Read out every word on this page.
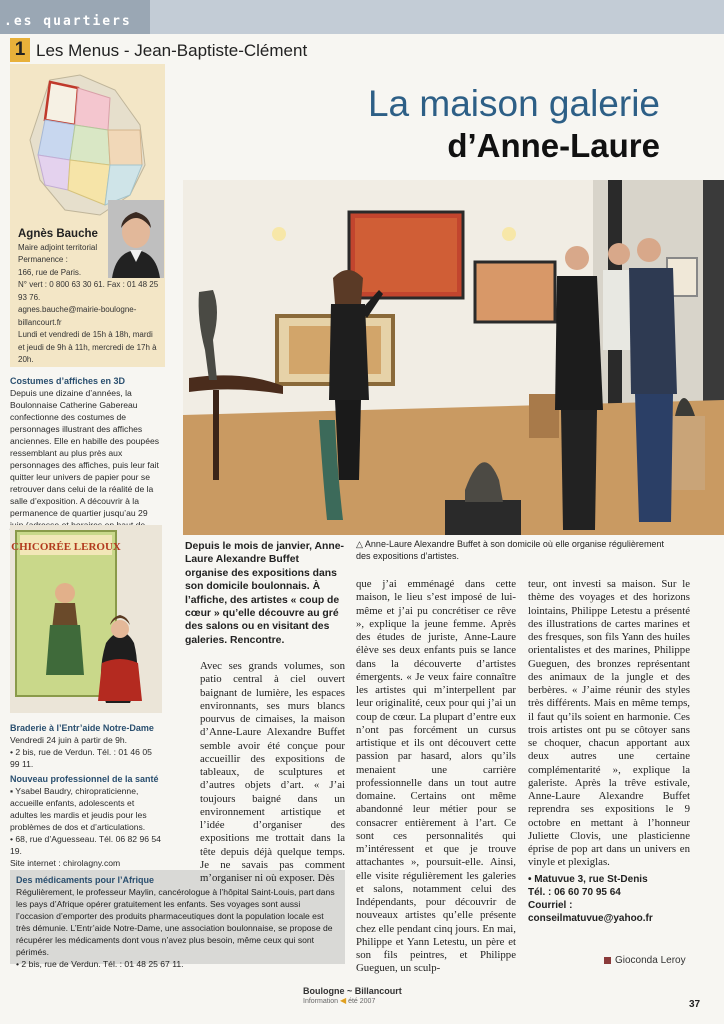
.es quartiers
1 Les Menus - Jean-Baptiste-Clément
Agnès Bauche
Maire adjoint territorial
Permanence :
166, rue de Paris.
N° vert : 0 800 63 30 61. Fax : 01 48 25 93 76.
agnes.bauche@mairie-boulogne-billancourt.fr
Lundi et vendredi de 15h à 18h, mardi
et jeudi de 9h à 11h, mercredi de 17h à 20h.
Costumes d’affiches en 3D
Depuis une dizaine d’années, la Boulonnaise Catherine Gabereau confectionne des costumes de personnages illustrant des affiches anciennes. Elle en habille des poupées ressemblant au plus près aux personnages des affiches, puis leur fait quitter leur univers de papier pour se retrouver dans celui de la réalité de la salle d’exposition. A découvrir à la permanence de quartier jusqu’au 29
CHICORÉE LEROUX
Braderie à l’Entr’aide Notre-Dame
Vendredi 24 juin à partir de 9h.
• 2 bis, rue de Verdun. Tél. : 01 46 05 99 11.
Nouveau professionnel de la santé
▪ Ysabel Baudry, chiropraticienne, accueille enfants, adolescents et adultes les mardis et jeudis pour les problèmes de dos et d’articulations.
• 68, rue d’Aguesseau. Tél. 06 82 96 54 19.
Site internet : chirolagny.com
Des médicaments pour l’Afrique
Régulièrement, le professeur Maylin, cancérologue à l’hôpital Saint-Louis, part dans les pays d’Afrique opérer gratuitement les enfants. Ses voyages sont aussi l’occasion d’emporter des produits pharmaceutiques dont la population locale est très démunie. L’Entr’aide Notre-Dame, une association boulonnaise, se propose de récupérer les médicaments dont vous n’avez plus besoin, même ceux qui sont périmés.
• 2 bis, rue de Verdun. Tél. : 01 48 25 67 11.
La maison galerie
d’Anne-Laure
△ Anne-Laure Alexandre Buffet à son domicile où elle organise régulièrement des expositions d’artistes.
Depuis le mois de janvier, Anne-Laure Alexandre Buffet organise des expositions dans son domicile boulonnais. À l’affiche, des artistes « coup de cœur » qu’elle découvre au gré des salons ou en visitant des galeries. Rencontre.
Avec ses grands volumes, son patio central à ciel ouvert baignant de lumière, les espaces environnants, ses murs blancs pourvus de cimaises, la maison d’Anne-Laure Alexandre Buffet semble avoir été conçue pour accueillir des expositions de tableaux, de sculptures et d’autres objets d’art. « J’ai toujours baigné dans un environnement artistique et l’idée d’organiser des expositions me trottait dans la tête depuis déjà quelque temps. Je ne savais pas comment m’organiser ni où exposer. Dès
que j’ai emménagé dans cette maison, le lieu s’est imposé de lui-même et j’ai pu concrétiser ce rêve », explique la jeune femme. Après des études de juriste, Anne-Laure élève ses deux enfants puis se lance dans la découverte d’artistes émergents. « Je veux faire connaître les artistes qui m’interpellent par leur originalité, ceux pour qui j’ai un coup de cœur. La plupart d’entre eux n’ont pas forcément un cursus artistique et ils ont découvert cette passion par hasard, alors qu’ils menaient une carrière professionnelle dans un tout autre domaine. Certains ont même abandonné leur métier pour se consacrer entièrement à l’art. Ce sont ces personnalités qui m’intéressent et que je trouve attachantes », poursuit-elle. Ainsi, elle visite régulièrement les galeries et salons, notamment celui des Indépendants, pour découvrir de nouveaux artistes qu’elle présente chez elle pendant cinq jours. En mai, Philippe et Yann Letestu, un père et son fils peintres, et Philippe Gueguen, un sculp-
teur, ont investi sa maison. Sur le thème des voyages et des horizons lointains, Philippe Letestu a présenté des illustrations de cartes marines et des fresques, son fils Yann des huiles orientalistes et des marines, Philippe Gueguen, des bronzes représentant des animaux de la jungle et des berbères. « J’aime réunir des styles très différents. Mais en même temps, il faut qu’ils soient en harmonie. Ces trois artistes ont pu se côtoyer sans se choquer, chacun apportant aux deux autres une certaine complémentarité », explique la galeriste. Après la trêve estivale, Anne-Laure Alexandre Buffet reprendra ses expositions le 9 octobre en mettant à l’honneur Juliette Clovis, une plasticienne éprise de pop art dans un univers en vinyle et plexiglas.
• Matuvue 3, rue St-Denis
Tél. : 06 60 70 95 64
Courriel :
conseilmatuvue@yahoo.fr
Gioconda Leroy
Boulogne ~ Billancourt
Information ◀ été 2007	37
